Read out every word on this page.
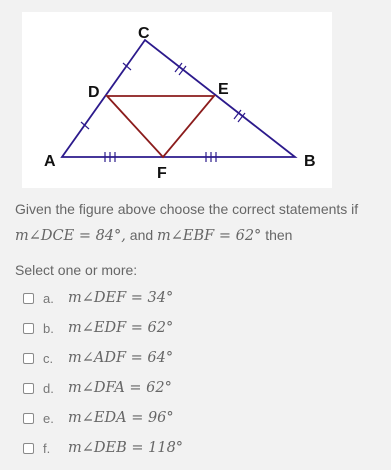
C
D	E
A	B
F
Given the figure above choose the correct statements if
m∠DCE = 84°, and m∠EBF = 62° then
Select one or more:
a. m∠DEF = 34°
b. m∠EDF = 62°
c.	m∠ADF = 64°
d. m∠DFA = 62°
e. m∠EDA = 96°
f.	m∠DEB = 118°
